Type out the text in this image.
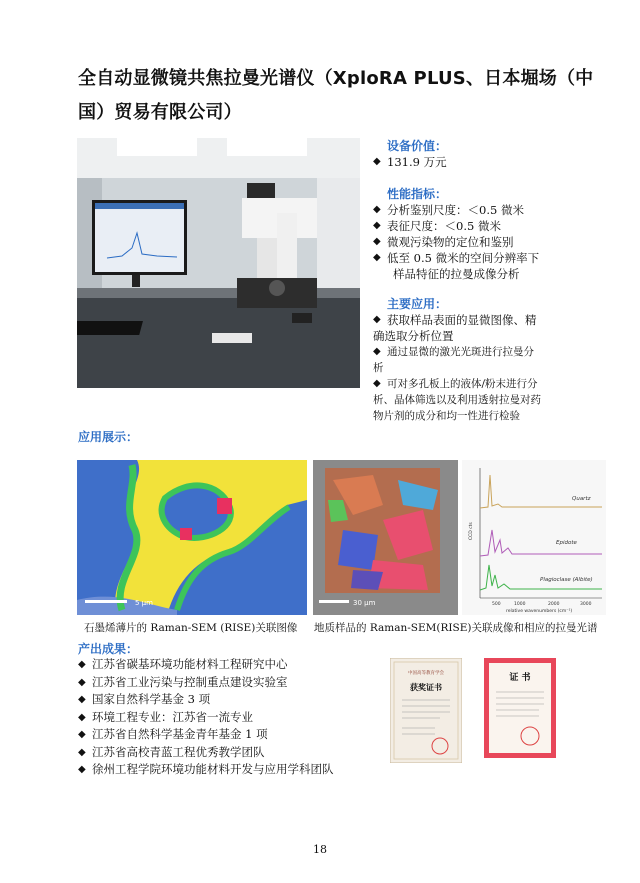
全自动显微镜共焦拉曼光谱仪（XploRA PLUS、日本堀场（中国）贸易有限公司）
设备价值：
◆ 131.9 万元
性能指标：
◆ 分析鉴别尺度：＜0.5 微米
◆ 表征尺度：＜0.5 微米
◆ 微观污染物的定位和鉴别
◆ 低至 0.5 微米的空间分辨率下
样品特征的拉曼成像分析
主要应用：
◆ 获取样品表面的显微图像、精
确选取分析位置
◆ 通过显微的激光光斑进行拉曼分
析
◆ 可对多孔板上的液体/粉末进行分
析、晶体筛选以及利用透射拉曼对药
物片剂的成分和均一性进行检验
应用展示：
5 μm	30 μm
Quartz
Epidote
Plagioclase (Albite)
500	1000	2000	3000
relative wavenumbers (cm⁻¹)
CCD cts
石墨烯薄片的 Raman-SEM (RISE)关联图像 地质样品的 Raman-SEM(RISE)关联成像和相应的拉曼光谱
产出成果：
◆ 江苏省碳基环境功能材料工程研究中心
◆ 江苏省工业污染与控制重点建设实验室
◆ 国家自然科学基金 3 项
◆ 环境工程专业：江苏省一流专业
◆ 江苏省自然科学基金青年基金 1 项
◆ 江苏省高校青蓝工程优秀教学团队
◆ 徐州工程学院环境功能材料开发与应用学科团队
中国高等教育学会
获奖证书
证 书
18
